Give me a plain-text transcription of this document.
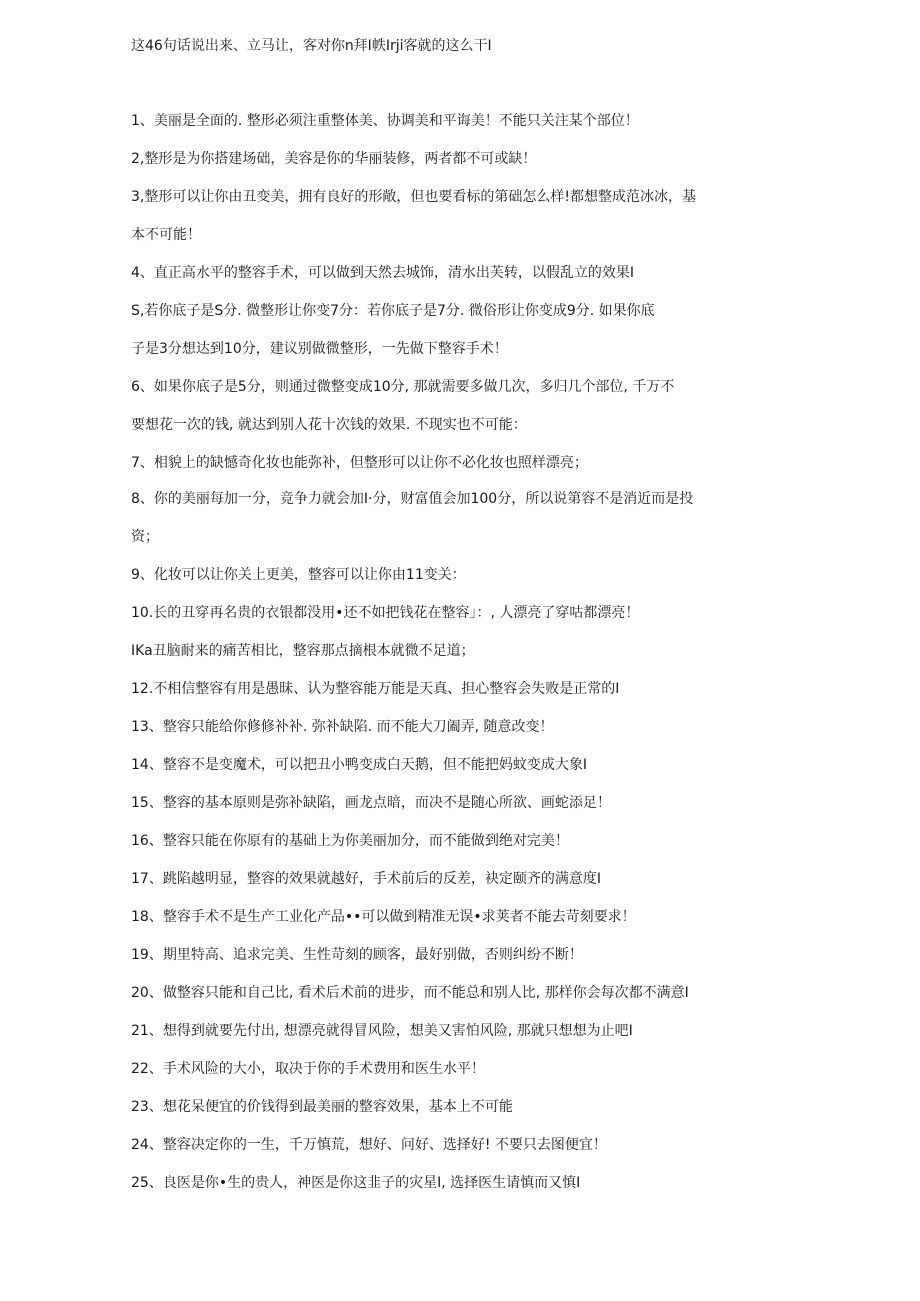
这46句话说出来、立马让，客对你n拜I帙Irji客就的这么干I
1、美丽是全面的. 整形必须注重整体美、协调美和平诲美！不能只关注某个部位！
2,整形是为你搭建场础，美容是你的华丽装修，两者都不可或缺！
3,整形可以让你由丑变美，拥有良好的形敞，但也要看标的第础怎么样!都想整成范冰冰，基
本不可能！
4、直正高水平的整容手术，可以做到天然去城饰，清水出芙转，以假乱立的效果I
S,若你底子是S分. 微整形让你变7分：若你底子是7分. 微俗形让你变成9分. 如果你底
子是3分想达到10分，建议别做微整形，一先做下整容手术！
6、如果你底子是5分，则通过微整变成10分, 那就需要多做几次，多归几个部位, 千万不
要想花一次的钱, 就达到别人花十次钱的效果. 不现实也不可能：
7、相貌上的缺憾奇化妆也能弥补，但整形可以让你不必化妆也照样漂亮；
8、你的美丽每加一分，竞争力就会加I·分，财富值会加100分，所以说第容不是消近而是投
资；
9、化妆可以让你关上更美，整容可以让你由11变关：
10.长的丑穿再名贵的衣银都没用•还不如把钱花在整容」：, 人漂亮了穿咕都漂亮！
IKa丑脑耐来的痛苦相比，整容那点摘根本就微不足道；
12.不相信整容有用是愚昧、认为整容能万能是天真、担心整容会失败是正常的I
13、整容只能给你修修补补. 弥补缺陷. 而不能大刀阖弄, 随意改变！
14、整容不是变魔术，可以把丑小鸭变成白天鹅，但不能把妈蚊变成大象I
15、整容的基本原则是弥补缺陷，画龙点暗，而决不是随心所欲、画蛇添足！
16、整容只能在你原有的基础上为你美丽加分，而不能做到绝对完美！
17、跳陷越明显，整容的效果就越好，手术前后的反差，袂定颐齐的满意度I
18、整容手术不是生产工业化产品••可以做到精准无误•求荚者不能去苛刻要求！
19、期里特高、追求完美、生性苛刻的顾客，最好别做，否则纠纷不断！
20、做整容只能和自己比, 看术后术前的进步，而不能总和别人比, 那样你会每次都不满意I
21、想得到就要先付出, 想漂亮就得冒风险，想美又害怕风险, 那就只想想为止吧I
22、手术风险的大小，取决于你的手术费用和医生水平！
23、想花呆便宜的价钱得到最美丽的整容效果，基本上不可能
24、整容决定你的一生，千万慎荒，想好、问好、选择好! 不要只去图便宜！
25、良医是你•生的贵人，神医是你这韭子的灾星I, 选择医生请慎而又慎I
